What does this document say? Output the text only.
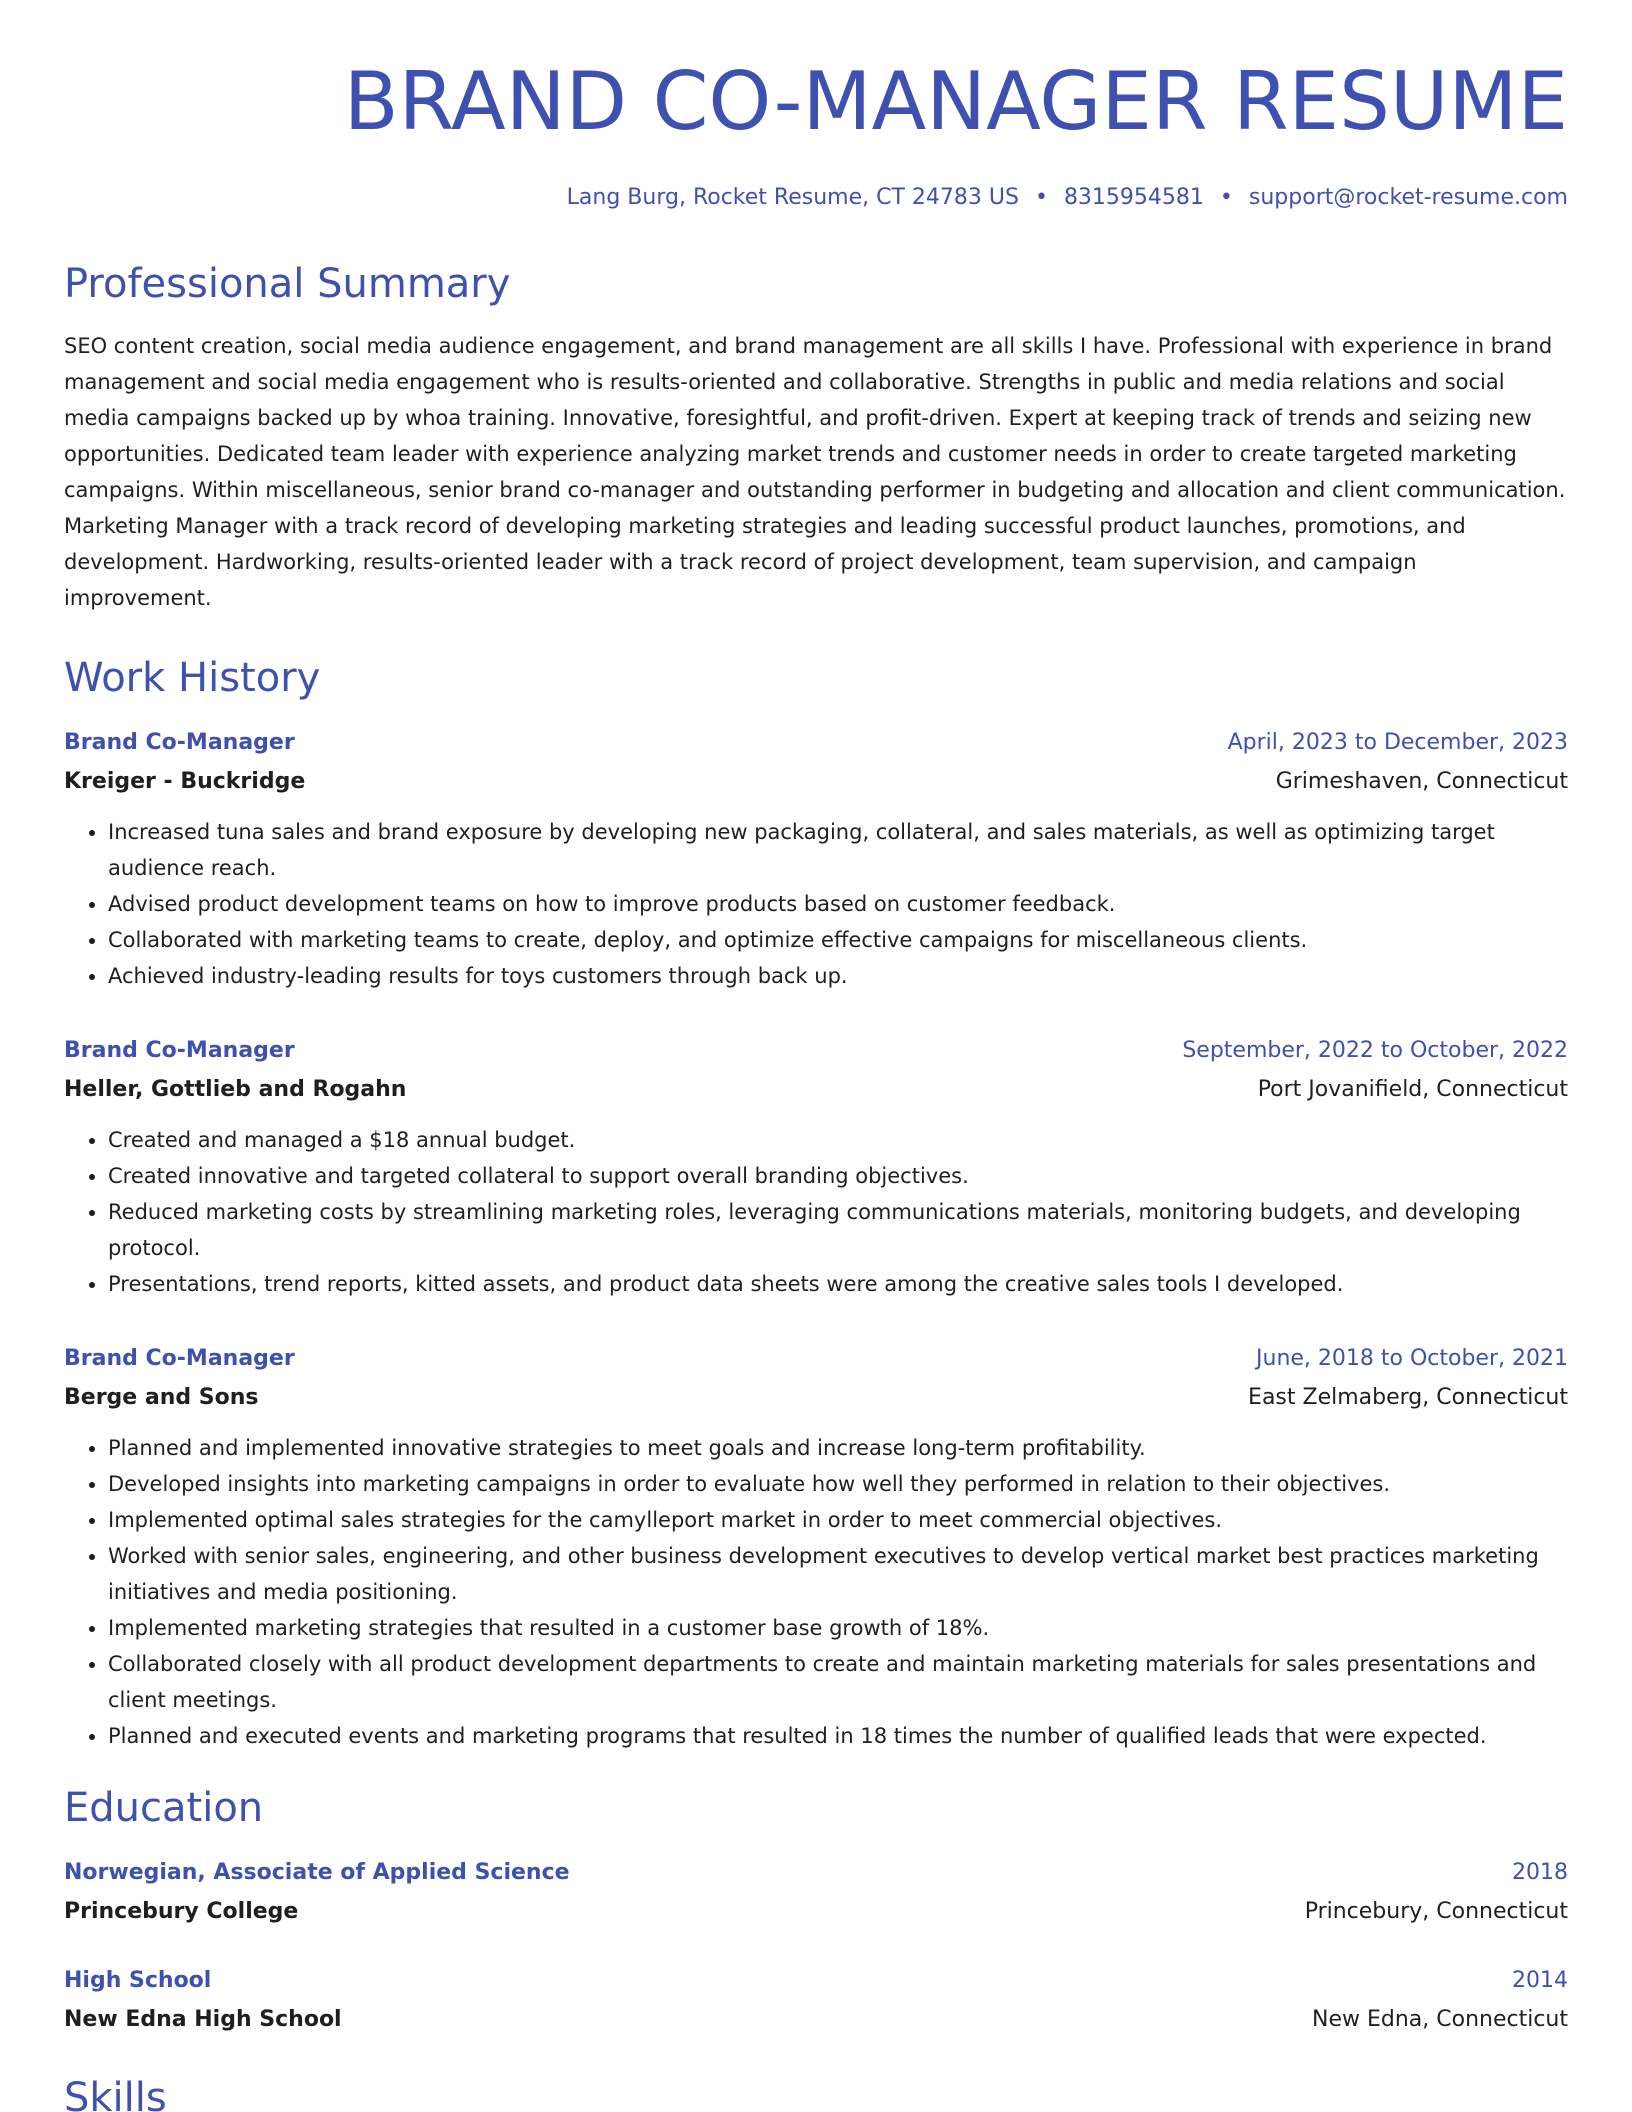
BRAND CO-MANAGER RESUME
Lang Burg, Rocket Resume, CT 24783 US • 8315954581 • support@rocket-resume.com
Professional Summary
SEO content creation, social media audience engagement, and brand management are all skills I have. Professional with experience in brand management and social media engagement who is results-oriented and collaborative. Strengths in public and media relations and social media campaigns backed up by whoa training. Innovative, foresightful, and profit-driven. Expert at keeping track of trends and seizing new opportunities. Dedicated team leader with experience analyzing market trends and customer needs in order to create targeted marketing campaigns. Within miscellaneous, senior brand co-manager and outstanding performer in budgeting and allocation and client communication. Marketing Manager with a track record of developing marketing strategies and leading successful product launches, promotions, and development. Hardworking, results-oriented leader with a track record of project development, team supervision, and campaign improvement.
Work History
Brand Co-Manager	April, 2023 to December, 2023
Kreiger - Buckridge	Grimeshaven, Connecticut
• Increased tuna sales and brand exposure by developing new packaging, collateral, and sales materials, as well as optimizing target audience reach.
• Advised product development teams on how to improve products based on customer feedback.
• Collaborated with marketing teams to create, deploy, and optimize effective campaigns for miscellaneous clients.
• Achieved industry-leading results for toys customers through back up.
Brand Co-Manager	September, 2022 to October, 2022
Heller, Gottlieb and Rogahn	Port Jovanifield, Connecticut
• Created and managed a $18 annual budget.
• Created innovative and targeted collateral to support overall branding objectives.
• Reduced marketing costs by streamlining marketing roles, leveraging communications materials, monitoring budgets, and developing protocol.
• Presentations, trend reports, kitted assets, and product data sheets were among the creative sales tools I developed.
Brand Co-Manager	June, 2018 to October, 2021
Berge and Sons	East Zelmaberg, Connecticut
• Planned and implemented innovative strategies to meet goals and increase long-term profitability.
• Developed insights into marketing campaigns in order to evaluate how well they performed in relation to their objectives.
• Implemented optimal sales strategies for the camylleport market in order to meet commercial objectives.
• Worked with senior sales, engineering, and other business development executives to develop vertical market best practices marketing initiatives and media positioning.
• Implemented marketing strategies that resulted in a customer base growth of 18%.
• Collaborated closely with all product development departments to create and maintain marketing materials for sales presentations and client meetings.
• Planned and executed events and marketing programs that resulted in 18 times the number of qualified leads that were expected.
Education
Norwegian, Associate of Applied Science	2018
Princebury College	Princebury, Connecticut
High School	2014
New Edna High School	New Edna, Connecticut
Skills
